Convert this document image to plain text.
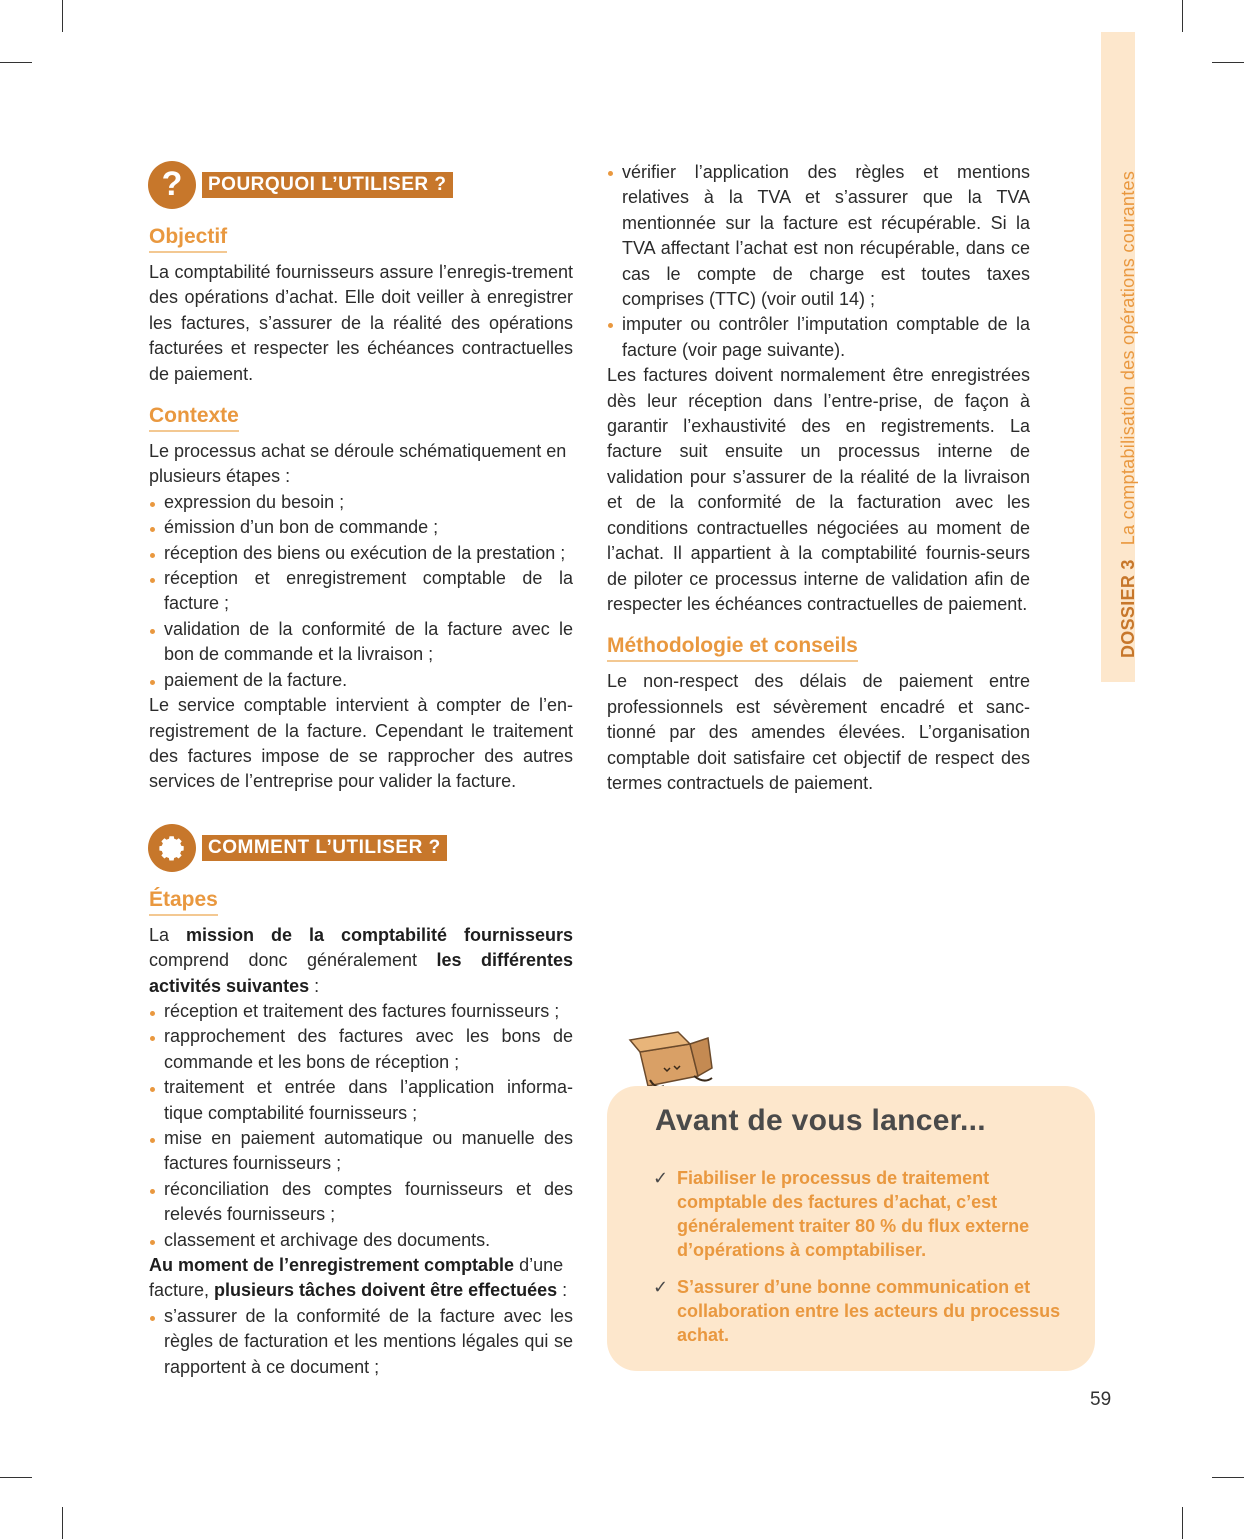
DOSSIER 3La comptabilisation des opérations courantes
?	POURQUOI L’UTILISER ?
Objectif

La comptabilité fournisseurs assure l’enregis-trement des opérations d’achat. Elle doit veiller à enregistrer les factures, s’assurer de la réalité des opérations facturées et respecter les échéances contractuelles de paiement.

Contexte

Le processus achat se déroule schématiquement en plusieurs étapes :

expression du besoin ;
émission d’un bon de commande ;
réception des biens ou exécution de la prestation ;
réception et enregistrement comptable de la facture ;
validation de la conformité de la facture avec le bon de commande et la livraison ;
paiement de la facture.

Le service comptable intervient à compter de l’en-registrement de la facture. Cependant le traitement des factures impose de se rapprocher des autres services de l’entreprise pour valider la facture.

COMMENT L’UTILISER ?
Étapes

La mission de la comptabilité fournisseurs comprend donc généralement les différentes activités suivantes :

réception et traitement des factures fournisseurs ;
rapprochement des factures avec les bons de commande et les bons de réception ;
traitement et entrée dans l’application informa-tique comptabilité fournisseurs ;
mise en paiement automatique ou manuelle des factures fournisseurs ;
réconciliation des comptes fournisseurs et des relevés fournisseurs ;
classement et archivage des documents.

Au moment de l’enregistrement comptable d’une facture, plusieurs tâches doivent être effectuées :

s’assurer de la conformité de la facture avec les règles de facturation et les mentions légales qui se rapportent à ce document ;
vérifier l’application des règles et mentions relatives à la TVA et s’assurer que la TVA mentionnée sur la facture est récupérable. Si la TVA affectant l’achat est non récupérable, dans ce cas le compte de charge est toutes taxes comprises (TTC) (voir outil 14) ;
imputer ou contrôler l’imputation comptable de la facture (voir page suivante).

Les factures doivent normalement être enregistrées dès leur réception dans l’entre-prise, de façon à garantir l’exhaustivité des en registrements. La facture suit ensuite un processus interne de validation pour s’assurer de la réalité de la livraison et de la conformité de la facturation avec les conditions contractuelles négociées au moment de l’achat. Il appartient à la comptabilité fournis-seurs de piloter ce processus interne de validation afin de respecter les échéances contractuelles de paiement.

Méthodologie et conseils

Le non-respect des délais de paiement entre professionnels est sévèrement encadré et sanc-tionné par des amendes élevées. L’organisation comptable doit satisfaire cet objectif de respect des termes contractuels de paiement.

Avant de vous lancer...
✓ Fiabiliser le processus de traitement comptable des factures d’achat, c’est généralement traiter 80 % du flux externe d’opérations à comptabiliser.
✓ S’assurer d’une bonne communication et collaboration entre les acteurs du processus achat.
59
